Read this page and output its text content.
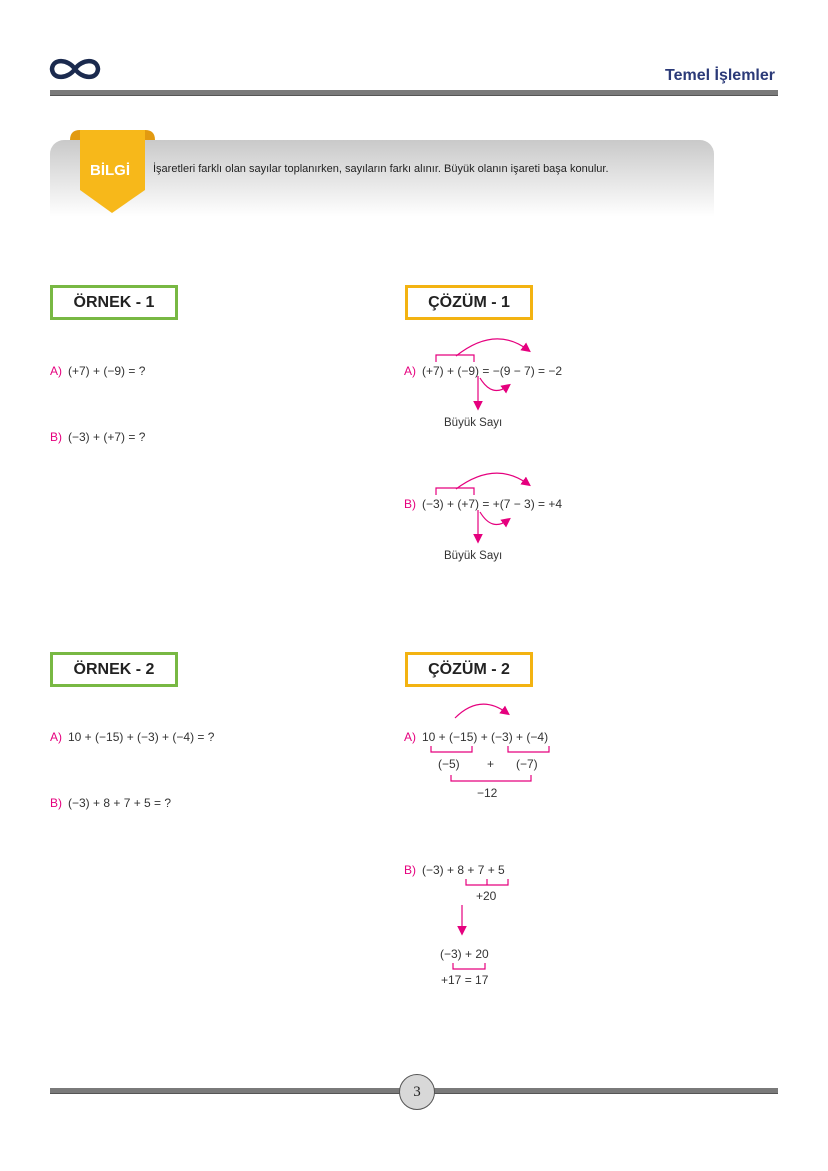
Temel İşlemler
BİLGİ İşaretleri farklı olan sayılar toplanırken, sayıların farkı alınır. Büyük olanın işareti başa konulur.
ÖRNEK - 1	ÇÖZÜM - 1
A) (+7) + (−9) = ?
B) (−3) + (+7) = ?
A) (+7) + (−9) = −(9 − 7) = −2
Büyük Sayı
B) (−3) + (+7) = +(7 − 3) = +4
Büyük Sayı
ÖRNEK - 2	ÇÖZÜM - 2
A) 10 + (−15) + (−3) + (−4) = ?
B) (−3) + 8 + 7 + 5 = ?
A) 10 + (−15) + (−3) + (−4)
(−5) + (−7)
−12
B) (−3) + 8 + 7 + 5
+20
(−3) + 20
+17 = 17
3
